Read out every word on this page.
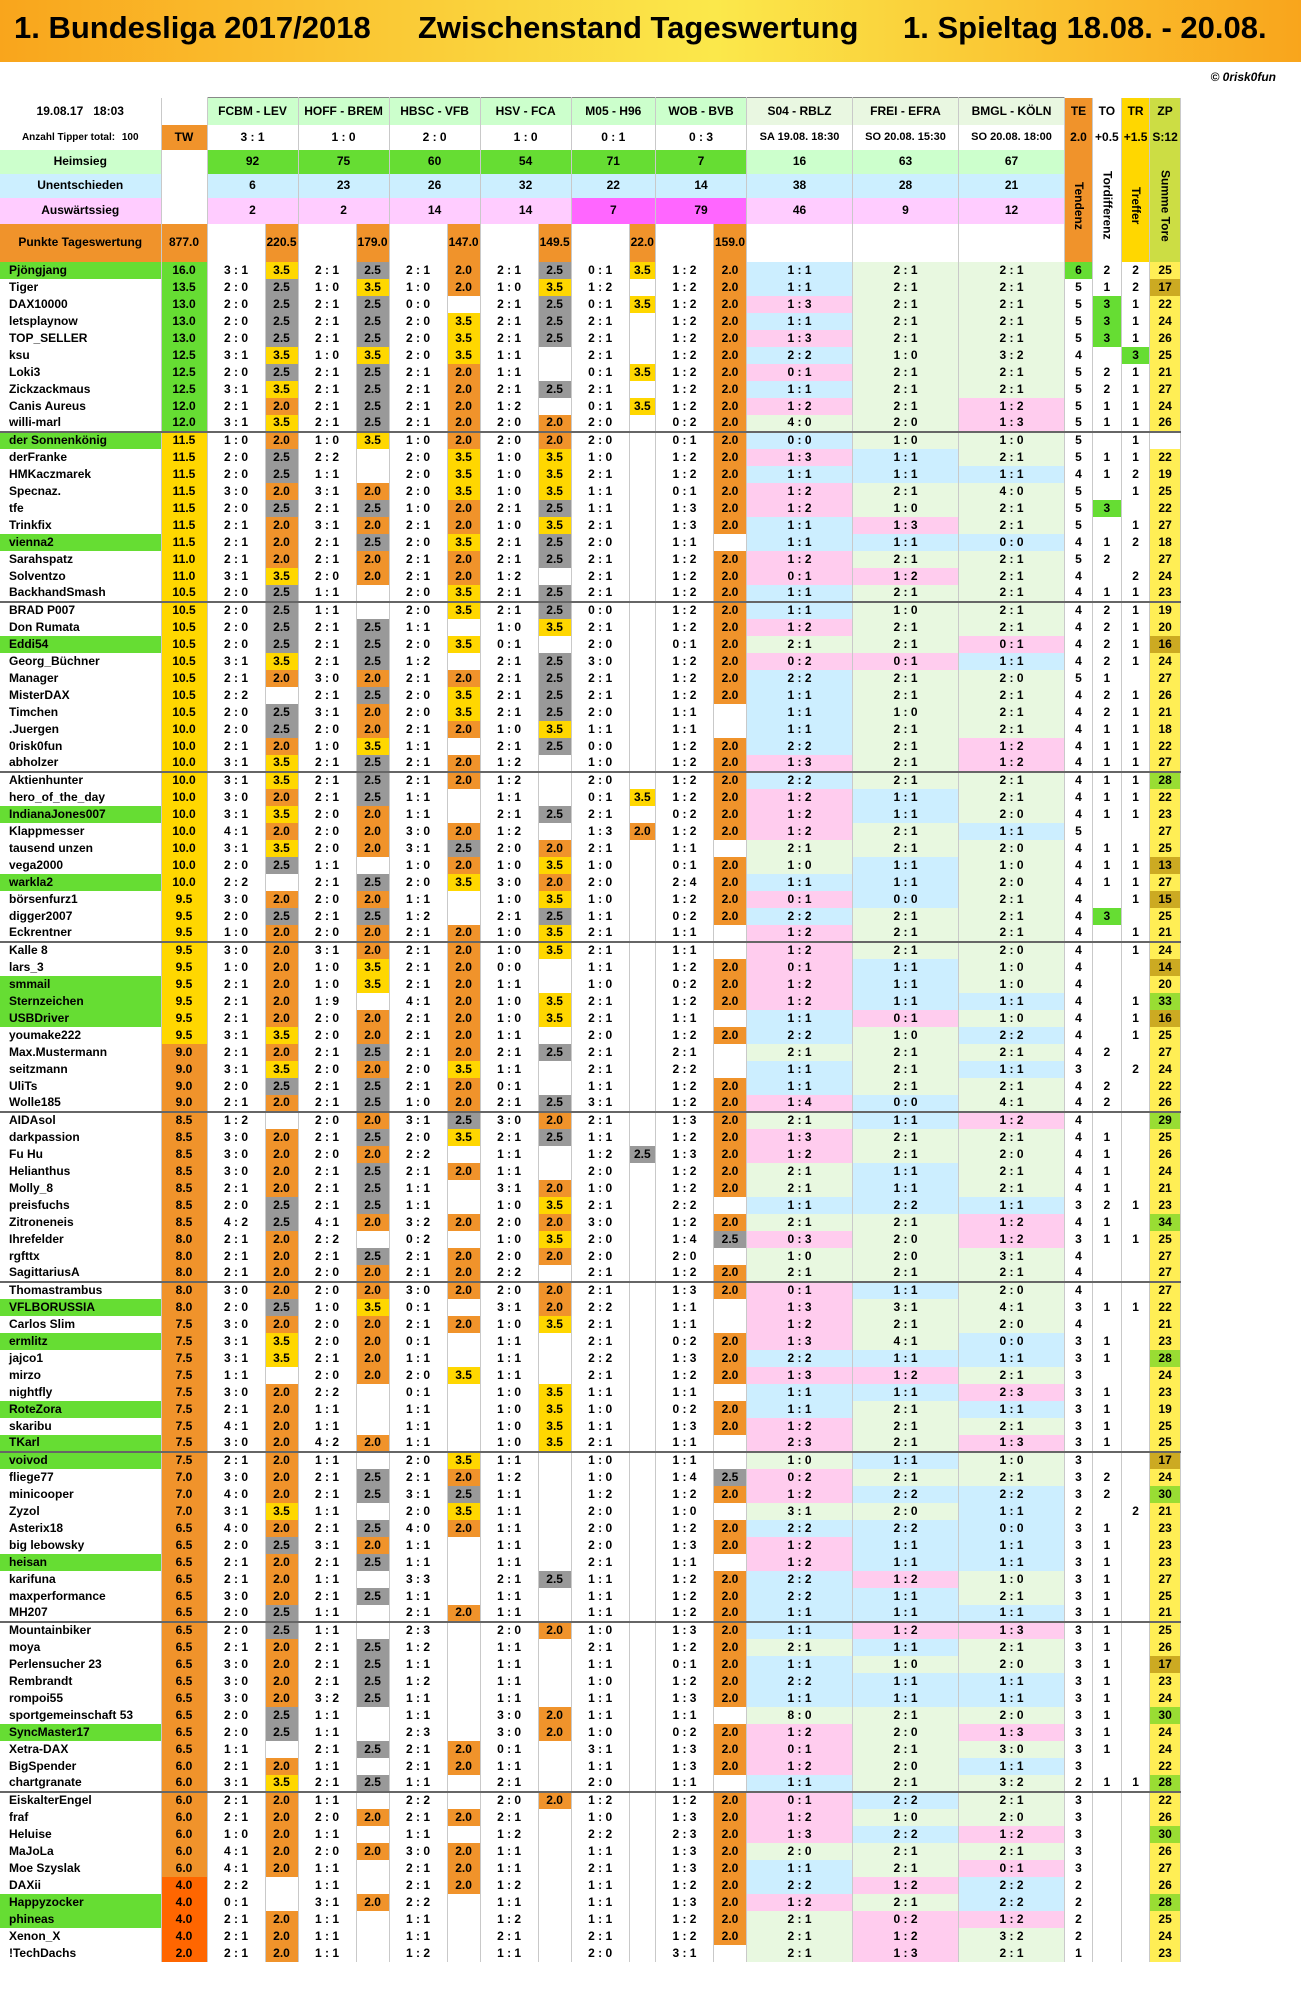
1. Bundesliga 2017/2018 Zwischenstand Tageswertung 1. Spieltag 18.08. - 20.08.
© 0risk0fun
19.08.17 18:03		FCBM - LEV		HOFF - BREM		HBSC - VFB		HSV - FCA		M05 - H96		WOB - BVB		S04 - RBLZ	FREI - EFRA	BMGL - KÖLN	TE	TO	TR	ZP
Anzahl Tipper total: 100	TW	3 : 1		1 : 0		2 : 0		1 : 0		0 : 1		0 : 3		SA 19.08. 18:30	SO 20.08. 15:30	SO 20.08. 18:00	2.0	+0.5	+1.5	S:12
Heimsieg		92		75		60		54		71		7		16	63	67	Tendenz	Tordifferenz	Treffer	Summe Tore

Unentschieden		6		23		26		32		22		14		38	28	21				
Auswärtssieg		2		2		14		14		7		79		46	9	12				
Punkte Tageswertung	877.0		220.5		179.0		147.0		149.5		22.0		159.0							
Pjöngjang	16.0	3 : 1	3.5	2 : 1	2.5	2 : 1	2.0	2 : 1	2.5	0 : 1	3.5	1 : 2	2.0	1 : 1	2 : 1	2 : 1	6	2	2	25
Tiger	13.5	2 : 0	2.5	1 : 0	3.5	1 : 0	2.0	1 : 0	3.5	1 : 2		1 : 2	2.0	1 : 1	2 : 1	2 : 1	5	1	2	17
DAX10000	13.0	2 : 0	2.5	2 : 1	2.5	0 : 0		2 : 1	2.5	0 : 1	3.5	1 : 2	2.0	1 : 3	2 : 1	2 : 1	5	3	1	22
letsplaynow	13.0	2 : 0	2.5	2 : 1	2.5	2 : 0	3.5	2 : 1	2.5	2 : 1		1 : 2	2.0	1 : 1	2 : 1	2 : 1	5	3	1	24
TOP_SELLER	13.0	2 : 0	2.5	2 : 1	2.5	2 : 0	3.5	2 : 1	2.5	2 : 1		1 : 2	2.0	1 : 3	2 : 1	2 : 1	5	3	1	26
ksu	12.5	3 : 1	3.5	1 : 0	3.5	2 : 0	3.5	1 : 1		2 : 1		1 : 2	2.0	2 : 2	1 : 0	3 : 2	4		3	25
Loki3	12.5	2 : 0	2.5	2 : 1	2.5	2 : 1	2.0	1 : 1		0 : 1	3.5	1 : 2	2.0	0 : 1	2 : 1	2 : 1	5	2	1	21
Zickzackmaus	12.5	3 : 1	3.5	2 : 1	2.5	2 : 1	2.0	2 : 1	2.5	2 : 1		1 : 2	2.0	1 : 1	2 : 1	2 : 1	5	2	1	27
Canis Aureus	12.0	2 : 1	2.0	2 : 1	2.5	2 : 1	2.0	1 : 2		0 : 1	3.5	1 : 2	2.0	1 : 2	2 : 1	1 : 2	5	1	1	24
willi-marl	12.0	3 : 1	3.5	2 : 1	2.5	2 : 1	2.0	2 : 0	2.0	2 : 0		0 : 2	2.0	4 : 0	2 : 0	1 : 3	5	1	1	26
der Sonnenkönig	11.5	1 : 0	2.0	1 : 0	3.5	1 : 0	2.0	2 : 0	2.0	2 : 0		0 : 1	2.0	0 : 0	1 : 0	1 : 0	5		1	
derFranke	11.5	2 : 0	2.5	2 : 2		2 : 0	3.5	1 : 0	3.5	1 : 0		1 : 2	2.0	1 : 3	1 : 1	2 : 1	5	1	1	22
HMKaczmarek	11.5	2 : 0	2.5	1 : 1		2 : 0	3.5	1 : 0	3.5	2 : 1		1 : 2	2.0	1 : 1	1 : 1	1 : 1	4	1	2	19
Specnaz.	11.5	3 : 0	2.0	3 : 1	2.0	2 : 0	3.5	1 : 0	3.5	1 : 1		0 : 1	2.0	1 : 2	2 : 1	4 : 0	5		1	25
tfe	11.5	2 : 0	2.5	2 : 1	2.5	1 : 0	2.0	2 : 1	2.5	1 : 1		1 : 3	2.0	1 : 2	1 : 0	2 : 1	5	3		22
Trinkfix	11.5	2 : 1	2.0	3 : 1	2.0	2 : 1	2.0	1 : 0	3.5	2 : 1		1 : 3	2.0	1 : 1	1 : 3	2 : 1	5		1	27
vienna2	11.5	2 : 1	2.0	2 : 1	2.5	2 : 0	3.5	2 : 1	2.5	2 : 0		1 : 1		1 : 1	1 : 1	0 : 0	4	1	2	18
Sarahspatz	11.0	2 : 1	2.0	2 : 1	2.0	2 : 1	2.0	2 : 1	2.5	2 : 1		1 : 2	2.0	1 : 2	2 : 1	2 : 1	5	2		27
Solventzo	11.0	3 : 1	3.5	2 : 0	2.0	2 : 1	2.0	1 : 2		2 : 1		1 : 2	2.0	0 : 1	1 : 2	2 : 1	4		2	24
BackhandSmash	10.5	2 : 0	2.5	1 : 1		2 : 0	3.5	2 : 1	2.5	2 : 1		1 : 2	2.0	1 : 1	2 : 1	2 : 1	4	1	1	23
BRAD P007	10.5	2 : 0	2.5	1 : 1		2 : 0	3.5	2 : 1	2.5	0 : 0		1 : 2	2.0	1 : 1	1 : 0	2 : 1	4	2	1	19
Don Rumata	10.5	2 : 0	2.5	2 : 1	2.5	1 : 1		1 : 0	3.5	2 : 1		1 : 2	2.0	1 : 2	2 : 1	2 : 1	4	2	1	20
Eddi54	10.5	2 : 0	2.5	2 : 1	2.5	2 : 0	3.5	0 : 1		2 : 0		0 : 1	2.0	2 : 1	2 : 1	0 : 1	4	2	1	16
Georg_Büchner	10.5	3 : 1	3.5	2 : 1	2.5	1 : 2		2 : 1	2.5	3 : 0		1 : 2	2.0	0 : 2	0 : 1	1 : 1	4	2	1	24
Manager	10.5	2 : 1	2.0	3 : 0	2.0	2 : 1	2.0	2 : 1	2.5	2 : 1		1 : 2	2.0	2 : 2	2 : 1	2 : 0	5	1		27
MisterDAX	10.5	2 : 2		2 : 1	2.5	2 : 0	3.5	2 : 1	2.5	2 : 1		1 : 2	2.0	1 : 1	2 : 1	2 : 1	4	2	1	26
Timchen	10.5	2 : 0	2.5	3 : 1	2.0	2 : 0	3.5	2 : 1	2.5	2 : 0		1 : 1		1 : 1	1 : 0	2 : 1	4	2	1	21
.Juergen	10.0	2 : 0	2.5	2 : 0	2.0	2 : 1	2.0	1 : 0	3.5	1 : 1		1 : 1		1 : 1	2 : 1	2 : 1	4	1	1	18
0risk0fun	10.0	2 : 1	2.0	1 : 0	3.5	1 : 1		2 : 1	2.5	0 : 0		1 : 2	2.0	2 : 2	2 : 1	1 : 2	4	1	1	22
abholzer	10.0	3 : 1	3.5	2 : 1	2.5	2 : 1	2.0	1 : 2		1 : 0		1 : 2	2.0	1 : 3	2 : 1	1 : 2	4	1	1	27
Aktienhunter	10.0	3 : 1	3.5	2 : 1	2.5	2 : 1	2.0	1 : 2		2 : 0		1 : 2	2.0	2 : 2	2 : 1	2 : 1	4	1	1	28
hero_of_the_day	10.0	3 : 0	2.0	2 : 1	2.5	1 : 1		1 : 1		0 : 1	3.5	1 : 2	2.0	1 : 2	1 : 1	2 : 1	4	1	1	22
IndianaJones007	10.0	3 : 1	3.5	2 : 0	2.0	1 : 1		2 : 1	2.5	2 : 1		0 : 2	2.0	1 : 2	1 : 1	2 : 0	4	1	1	23
Klappmesser	10.0	4 : 1	2.0	2 : 0	2.0	3 : 0	2.0	1 : 2		1 : 3	2.0	1 : 2	2.0	1 : 2	2 : 1	1 : 1	5			27
tausend unzen	10.0	3 : 1	3.5	2 : 0	2.0	3 : 1	2.5	2 : 0	2.0	2 : 1		1 : 1		2 : 1	2 : 1	2 : 0	4	1	1	25
vega2000	10.0	2 : 0	2.5	1 : 1		1 : 0	2.0	1 : 0	3.5	1 : 0		0 : 1	2.0	1 : 0	1 : 1	1 : 0	4	1	1	13
warkla2	10.0	2 : 2		2 : 1	2.5	2 : 0	3.5	3 : 0	2.0	2 : 0		2 : 4	2.0	1 : 1	1 : 1	2 : 0	4	1	1	27
börsenfurz1	9.5	3 : 0	2.0	2 : 0	2.0	1 : 1		1 : 0	3.5	1 : 0		1 : 2	2.0	0 : 1	0 : 0	2 : 1	4		1	15
digger2007	9.5	2 : 0	2.5	2 : 1	2.5	1 : 2		2 : 1	2.5	1 : 1		0 : 2	2.0	2 : 2	2 : 1	2 : 1	4	3		25
Eckrentner	9.5	1 : 0	2.0	2 : 0	2.0	2 : 1	2.0	1 : 0	3.5	2 : 1		1 : 1		1 : 2	2 : 1	2 : 1	4		1	21
Kalle 8	9.5	3 : 0	2.0	3 : 1	2.0	2 : 1	2.0	1 : 0	3.5	2 : 1		1 : 1		1 : 2	2 : 1	2 : 0	4		1	24
lars_3	9.5	1 : 0	2.0	1 : 0	3.5	2 : 1	2.0	0 : 0		1 : 1		1 : 2	2.0	0 : 1	1 : 1	1 : 0	4			14
smmail	9.5	2 : 1	2.0	1 : 0	3.5	2 : 1	2.0	1 : 1		1 : 0		0 : 2	2.0	1 : 2	1 : 1	1 : 0	4			20
Sternzeichen	9.5	2 : 1	2.0	1 : 9		4 : 1	2.0	1 : 0	3.5	2 : 1		1 : 2	2.0	1 : 2	1 : 1	1 : 1	4		1	33
USBDriver	9.5	2 : 1	2.0	2 : 0	2.0	2 : 1	2.0	1 : 0	3.5	2 : 1		1 : 1		1 : 1	0 : 1	1 : 0	4		1	16
youmake222	9.5	3 : 1	3.5	2 : 0	2.0	2 : 1	2.0	1 : 1		2 : 0		1 : 2	2.0	2 : 2	1 : 0	2 : 2	4		1	25
Max.Mustermann	9.0	2 : 1	2.0	2 : 1	2.5	2 : 1	2.0	2 : 1	2.5	2 : 1		2 : 1		2 : 1	2 : 1	2 : 1	4	2		27
seitzmann	9.0	3 : 1	3.5	2 : 0	2.0	2 : 0	3.5	1 : 1		2 : 1		2 : 2		1 : 1	2 : 1	1 : 1	3		2	24
UliTs	9.0	2 : 0	2.5	2 : 1	2.5	2 : 1	2.0	0 : 1		1 : 1		1 : 2	2.0	1 : 1	2 : 1	2 : 1	4	2		22
Wolle185	9.0	2 : 1	2.0	2 : 1	2.5	1 : 0	2.0	2 : 1	2.5	3 : 1		1 : 2	2.0	1 : 4	0 : 0	4 : 1	4	2		26
AIDAsol	8.5	1 : 2		2 : 0	2.0	3 : 1	2.5	3 : 0	2.0	2 : 1		1 : 3	2.0	2 : 1	1 : 1	1 : 2	4			29
darkpassion	8.5	3 : 0	2.0	2 : 1	2.5	2 : 0	3.5	2 : 1	2.5	1 : 1		1 : 2	2.0	1 : 3	2 : 1	2 : 1	4	1		25
Fu Hu	8.5	3 : 0	2.0	2 : 0	2.0	2 : 2		1 : 1		1 : 2	2.5	1 : 3	2.0	1 : 2	2 : 1	2 : 0	4	1		26
Helianthus	8.5	3 : 0	2.0	2 : 1	2.5	2 : 1	2.0	1 : 1		2 : 0		1 : 2	2.0	2 : 1	1 : 1	2 : 1	4	1		24
Molly_8	8.5	2 : 1	2.0	2 : 1	2.5	1 : 1		3 : 1	2.0	1 : 0		1 : 2	2.0	2 : 1	1 : 1	2 : 1	4	1		21
preisfuchs	8.5	2 : 0	2.5	2 : 1	2.5	1 : 1		1 : 0	3.5	2 : 1		2 : 2		1 : 1	2 : 2	1 : 1	3	2	1	23
Zitroneneis	8.5	4 : 2	2.5	4 : 1	2.0	3 : 2	2.0	2 : 0	2.0	3 : 0		1 : 2	2.0	2 : 1	2 : 1	1 : 2	4	1		34
Ihrefelder	8.0	2 : 1	2.0	2 : 2		0 : 2		1 : 0	3.5	2 : 0		1 : 4	2.5	0 : 3	2 : 0	1 : 2	3	1	1	25
rgfttx	8.0	2 : 1	2.0	2 : 1	2.5	2 : 1	2.0	2 : 0	2.0	2 : 0		2 : 0		1 : 0	2 : 0	3 : 1	4			27
SagittariusA	8.0	2 : 1	2.0	2 : 0	2.0	2 : 1	2.0	2 : 2		2 : 1		1 : 2	2.0	2 : 1	2 : 1	2 : 1	4			27
Thomastrambus	8.0	3 : 0	2.0	2 : 0	2.0	3 : 0	2.0	2 : 0	2.0	2 : 1		1 : 3	2.0	0 : 1	1 : 1	2 : 0	4			27
VFLBORUSSIA	8.0	2 : 0	2.5	1 : 0	3.5	0 : 1		3 : 1	2.0	2 : 2		1 : 1		1 : 3	3 : 1	4 : 1	3	1	1	22
Carlos Slim	7.5	3 : 0	2.0	2 : 0	2.0	2 : 1	2.0	1 : 0	3.5	2 : 1		1 : 1		1 : 2	2 : 1	2 : 0	4			21
ermlitz	7.5	3 : 1	3.5	2 : 0	2.0	0 : 1		1 : 1		2 : 1		0 : 2	2.0	1 : 3	4 : 1	0 : 0	3	1		23
jajco1	7.5	3 : 1	3.5	2 : 1	2.0	1 : 1		1 : 1		2 : 2		1 : 3	2.0	2 : 2	1 : 1	1 : 1	3	1		28
mirzo	7.5	1 : 1		2 : 0	2.0	2 : 0	3.5	1 : 1		2 : 1		1 : 2	2.0	1 : 3	1 : 2	2 : 1	3			24
nightfly	7.5	3 : 0	2.0	2 : 2		0 : 1		1 : 0	3.5	1 : 1		1 : 1		1 : 1	1 : 1	2 : 3	3	1		23
RoteZora	7.5	2 : 1	2.0	1 : 1		1 : 1		1 : 0	3.5	1 : 0		0 : 2	2.0	1 : 1	2 : 1	1 : 1	3	1		19
skaribu	7.5	4 : 1	2.0	1 : 1		1 : 1		1 : 0	3.5	1 : 1		1 : 3	2.0	1 : 2	2 : 1	2 : 1	3	1		25
TKarl	7.5	3 : 0	2.0	4 : 2	2.0	1 : 1		1 : 0	3.5	2 : 1		1 : 1		2 : 3	2 : 1	1 : 3	3	1		25
voivod	7.5	2 : 1	2.0	1 : 1		2 : 0	3.5	1 : 1		1 : 0		1 : 1		1 : 0	1 : 1	1 : 0	3			17
fliege77	7.0	3 : 0	2.0	2 : 1	2.5	2 : 1	2.0	1 : 2		1 : 0		1 : 4	2.5	0 : 2	2 : 1	2 : 1	3	2		24
minicooper	7.0	4 : 0	2.0	2 : 1	2.5	3 : 1	2.5	1 : 1		1 : 2		1 : 2	2.0	1 : 2	2 : 2	2 : 2	3	2		30
Zyzol	7.0	3 : 1	3.5	1 : 1		2 : 0	3.5	1 : 1		2 : 0		1 : 0		3 : 1	2 : 0	1 : 1	2		2	21
Asterix18	6.5	4 : 0	2.0	2 : 1	2.5	4 : 0	2.0	1 : 1		2 : 0		1 : 2	2.0	2 : 2	2 : 2	0 : 0	3	1		23
big lebowsky	6.5	2 : 0	2.5	3 : 1	2.0	1 : 1		1 : 1		2 : 0		1 : 3	2.0	1 : 2	1 : 1	1 : 1	3	1		23
heisan	6.5	2 : 1	2.0	2 : 1	2.5	1 : 1		1 : 1		2 : 1		1 : 1		1 : 2	1 : 1	1 : 1	3	1		23
karifuna	6.5	2 : 1	2.0	1 : 1		3 : 3		2 : 1	2.5	1 : 1		1 : 2	2.0	2 : 2	1 : 2	1 : 0	3	1		27
maxperformance	6.5	3 : 0	2.0	2 : 1	2.5	1 : 1		1 : 1		1 : 1		1 : 2	2.0	2 : 2	1 : 1	2 : 1	3	1		25
MH207	6.5	2 : 0	2.5	1 : 1		2 : 1	2.0	1 : 1		1 : 1		1 : 2	2.0	1 : 1	1 : 1	1 : 1	3	1		21
Mountainbiker	6.5	2 : 0	2.5	1 : 1		2 : 3		2 : 0	2.0	1 : 0		1 : 3	2.0	1 : 1	1 : 2	1 : 3	3	1		25
moya	6.5	2 : 1	2.0	2 : 1	2.5	1 : 2		1 : 1		2 : 1		1 : 2	2.0	2 : 1	1 : 1	2 : 1	3	1		26
Perlensucher 23	6.5	3 : 0	2.0	2 : 1	2.5	1 : 1		1 : 1		1 : 1		0 : 1	2.0	1 : 1	1 : 0	2 : 0	3	1		17
Rembrandt	6.5	3 : 0	2.0	2 : 1	2.5	1 : 2		1 : 1		1 : 0		1 : 2	2.0	2 : 2	1 : 1	1 : 1	3	1		23
rompoi55	6.5	3 : 0	2.0	3 : 2	2.5	1 : 1		1 : 1		1 : 1		1 : 3	2.0	1 : 1	1 : 1	1 : 1	3	1		24
sportgemeinschaft 53	6.5	2 : 0	2.5	1 : 1		1 : 1		3 : 0	2.0	1 : 1		1 : 1		8 : 0	2 : 1	2 : 0	3	1		30
SyncMaster17	6.5	2 : 0	2.5	1 : 1		2 : 3		3 : 0	2.0	1 : 0		0 : 2	2.0	1 : 2	2 : 0	1 : 3	3	1		24
Xetra-DAX	6.5	1 : 1		2 : 1	2.5	2 : 1	2.0	0 : 1		3 : 1		1 : 3	2.0	0 : 1	2 : 1	3 : 0	3	1		24
BigSpender	6.0	2 : 1	2.0	1 : 1		2 : 1	2.0	1 : 1		1 : 1		1 : 3	2.0	1 : 2	2 : 0	1 : 1	3			22
chartgranate	6.0	3 : 1	3.5	2 : 1	2.5	1 : 1		2 : 1		2 : 0		1 : 1		1 : 1	2 : 1	3 : 2	2	1	1	28
EiskalterEngel	6.0	2 : 1	2.0	1 : 1		2 : 2		2 : 0	2.0	1 : 2		1 : 2	2.0	0 : 1	2 : 2	2 : 1	3			22
fraf	6.0	2 : 1	2.0	2 : 0	2.0	2 : 1	2.0	2 : 1		1 : 0		1 : 3	2.0	1 : 2	1 : 0	2 : 0	3			26
Heluise	6.0	1 : 0	2.0	1 : 1		1 : 1		1 : 2		2 : 2		2 : 3	2.0	1 : 3	2 : 2	1 : 2	3			30
MaJoLa	6.0	4 : 1	2.0	2 : 0	2.0	3 : 0	2.0	1 : 1		1 : 1		1 : 3	2.0	2 : 0	2 : 1	2 : 1	3			26
Moe Szyslak	6.0	4 : 1	2.0	1 : 1		2 : 1	2.0	1 : 1		2 : 1		1 : 3	2.0	1 : 1	2 : 1	0 : 1	3			27
DAXii	4.0	2 : 2		1 : 1		2 : 1	2.0	1 : 2		1 : 1		1 : 2	2.0	2 : 2	1 : 2	2 : 2	2			26
Happyzocker	4.0	0 : 1		3 : 1	2.0	2 : 2		1 : 1		1 : 1		1 : 3	2.0	1 : 2	2 : 1	2 : 2	2			28
phineas	4.0	2 : 1	2.0	1 : 1		1 : 1		1 : 2		1 : 1		1 : 2	2.0	2 : 1	0 : 2	1 : 2	2			25
Xenon_X	4.0	2 : 1	2.0	1 : 1		1 : 1		2 : 1		2 : 1		1 : 2	2.0	2 : 1	1 : 2	3 : 2	2			24
!TechDachs	2.0	2 : 1	2.0	1 : 1		1 : 2		1 : 1		2 : 0		3 : 1		2 : 1	1 : 3	2 : 1	1			23
